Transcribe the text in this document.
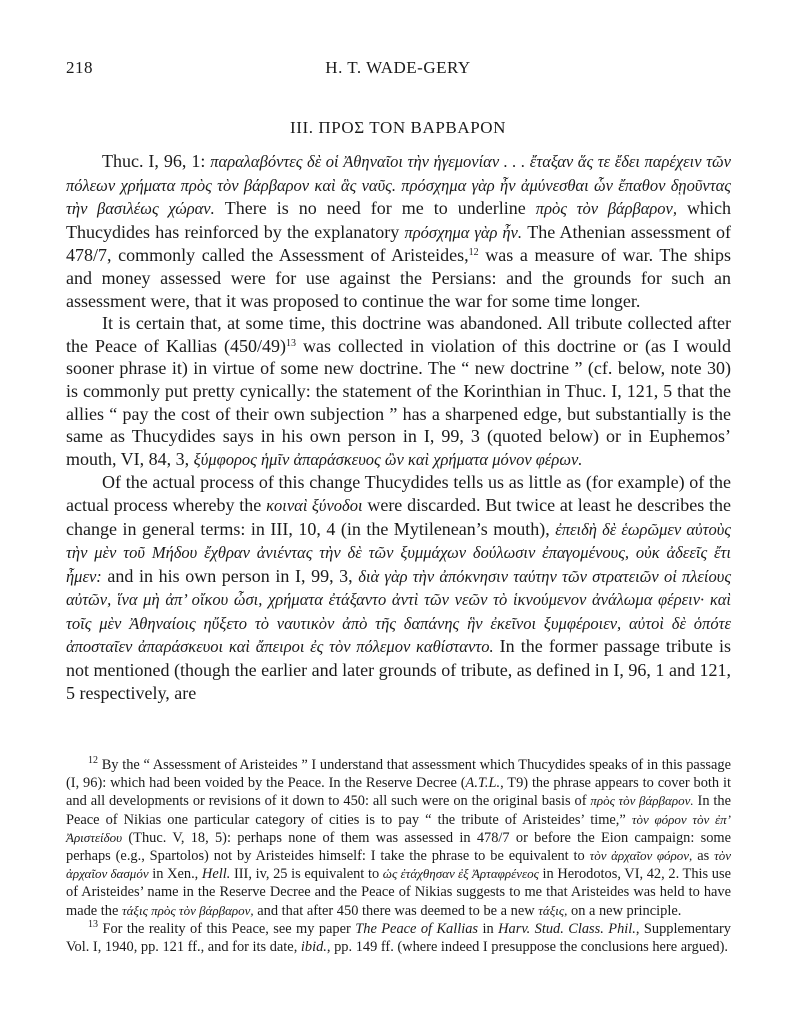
218	H. T. WADE-GERY
III. ΠΡΟΣ ΤΟΝ ΒΑΡΒΑΡΟΝ

Thuc. I, 96, 1: παραλαβόντες δὲ οἱ Ἀθηναῖοι τὴν ἡγεμονίαν . . . ἔταξαν ἅς τε ἔδει παρέχειν τῶν πόλεων χρήματα πρὸς τὸν βάρβαρον καὶ ἃς ναῦς. πρόσχημα γὰρ ἦν ἀμύνεσθαι ὧν ἔπαθον δῃοῦντας τὴν βασιλέως χώραν. There is no need for me to underline πρὸς τὸν βάρβαρον, which Thucydides has reinforced by the explanatory πρόσχημα γὰρ ἦν. The Athenian assessment of 478/7, commonly called the Assessment of Aristeides,$^{12}$ was a measure of war. The ships and money assessed were for use against the Persians: and the grounds for such an assessment were, that it was proposed to continue the war for some time longer.

It is certain that, at some time, this doctrine was abandoned. All tribute collected after the Peace of Kallias $(450/49)^{13}$ was collected in violation of this doctrine or (as I would sooner phrase it) in virtue of some new doctrine. The “ new doctrine ” (cf. below, note 30) is commonly put pretty cynically: the statement of the Korinthian in Thuc. I, 121, 5 that the allies “ pay the cost of their own subjection ” has a sharpened edge, but substantially is the same as Thucydides says in his own person in I, 99, 3 (quoted below) or in Euphemos’ mouth, VI, 84, 3, ξύμφορος ἡμῖν ἀπαράσκευος ὢν καὶ χρήματα μόνον φέρων.

Of the actual process of this change Thucydides tells us as little as (for example) of the actual process whereby the κοιναὶ ξύνοδοι were discarded. But twice at least he describes the change in general terms: in III, 10, 4 (in the Mytilenean’s mouth), ἐπειδὴ δὲ ἑωρῶμεν αὐτοὺς τὴν μὲν τοῦ Μήδου ἔχθραν ἀνιέντας τὴν δὲ τῶν ξυμμάχων δούλωσιν ἐπαγομένους, οὐκ ἀδεεῖς ἔτι ἦμεν: and in his own person in I, 99, 3, διὰ γὰρ τὴν ἀπόκνησιν ταύτην τῶν στρατειῶν οἱ πλείους αὐτῶν, ἵνα μὴ ἀπ’ οἴκου ὦσι, χρήματα ἐτάξαντο ἀντὶ τῶν νεῶν τὸ ἱκνούμενον ἀνάλωμα φέρειν· καὶ τοῖς μὲν Ἀθηναίοις ηὔξετο τὸ ναυτικὸν ἀπὸ τῆς δαπάνης ἣν ἐκεῖνοι ξυμφέροιεν, αὐτοὶ δὲ ὁπότε ἀποσταῖεν ἀπαράσκευοι καὶ ἄπειροι ἐς τὸν πόλεμον καθίσταντο. In the former passage tribute is not mentioned (though the earlier and later grounds of tribute, as defined in I, 96, 1 and 121, 5 respectively, are

$^{12}$ By the “ Assessment of Aristeides ” I understand that assessment which Thucydides speaks of in this passage (I, 96): which had been voided by the Peace. In the Reserve Decree (A.T.L., T9) the phrase appears to cover both it and all developments or revisions of it down to 450: all such were on the original basis of πρὸς τὸν βάρβαρον. In the Peace of Nikias one particular category of cities is to pay “ the tribute of Aristeides’ time,” τὸν φόρον τὸν ἐπ’ Ἀριστείδου (Thuc. V, 18, 5): perhaps none of them was assessed in 478/7 or before the Eion campaign: some perhaps (e.g., Spartolos) not by Aristeides himself: I take the phrase to be equivalent to τὸν ἀρχαῖον φόρον, as τὸν ἀρχαῖον δασμόν in Xen., Hell. III, iv, 25 is equivalent to ὡς ἐτάχθησαν ἐξ Ἀρταφρένεος in Herodotos, VI, 42, 2. This use of Aristeides’ name in the Reserve Decree and the Peace of Nikias suggests to me that Aristeides was held to have made the τάξις πρὸς τὸν βάρβαρον, and that after 450 there was deemed to be a new τάξις, on a new principle.

$^{13}$ For the reality of this Peace, see my paper The Peace of Kallias in Harv. Stud. Class. Phil., Supplementary Vol. I, 1940, pp. 121 ff., and for its date, ibid., pp. 149 ff. (where indeed I presuppose the conclusions here argued).
